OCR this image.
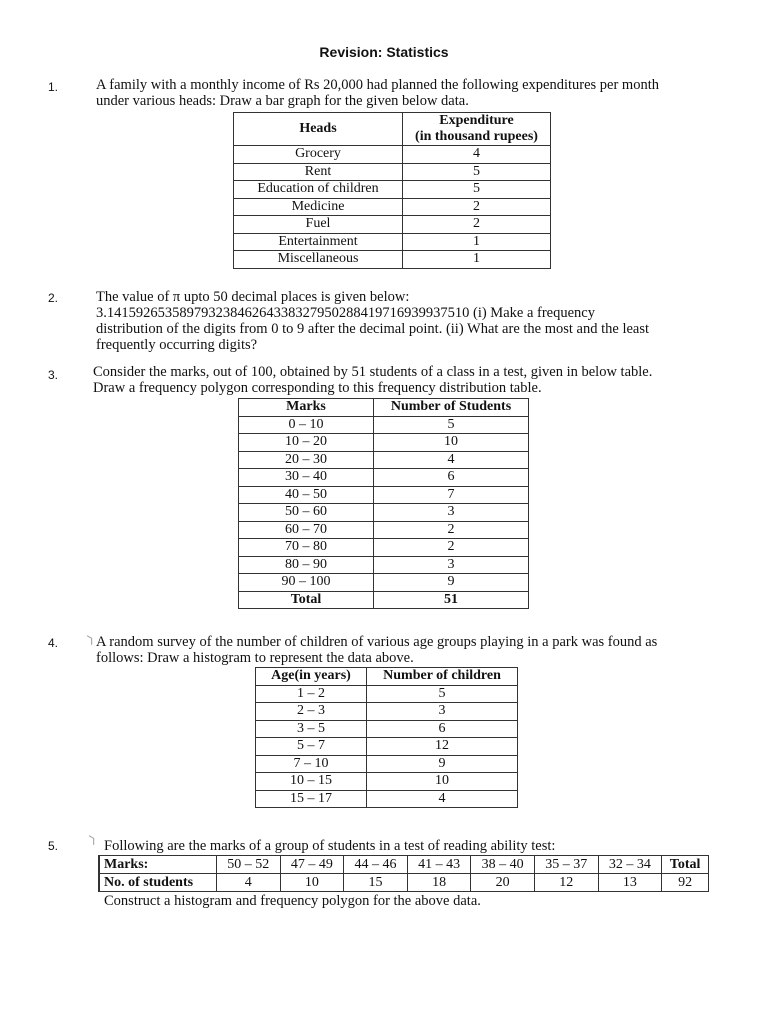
Revision: Statistics
1.	A family with a monthly income of Rs 20,000 had planned the following expenditures per month
under various heads: Draw a bar graph for the given below data.
Heads	Expenditure
(in thousand rupees)

Grocery	4
Rent	5
Education of children	5
Medicine	2
Fuel	2
Entertainment	1
Miscellaneous	1
2.	The value of π upto 50 decimal places is given below:
3.14159265358979323846264338327950288419716939937510 (i) Make a frequency
distribution of the digits from 0 to 9 after the decimal point. (ii) What are the most and the least
frequently occurring digits?
3. Consider the marks, out of 100, obtained by 51 students of a class in a test, given in below table.
Draw a frequency polygon corresponding to this frequency distribution table.
Marks	Number of Students
0 – 10	5
10 – 20	10
20 – 30	4
30 – 40	6
40 – 50	7
50 – 60	3
60 – 70	2
70 – 80	2
80 – 90	3
90 – 100	9
Total	51
4. ⸃ A random survey of the number of children of various age groups playing in a park was found as
follows: Draw a histogram to represent the data above.
Age(in years)	Number of children
1 – 2	5
2 – 3	3
3 – 5	6
5 – 7	12
7 – 10	9
10 – 15	10
15 – 17	4
5. ⸃ Following are the marks of a group of students in a test of reading ability test:
Marks:	50 – 52	47 – 49	44 – 46	41 – 43	38 – 40	35 – 37	32 – 34	Total
No. of students	4	10	15	18	20	12	13	92
Construct a histogram and frequency polygon for the above data.
